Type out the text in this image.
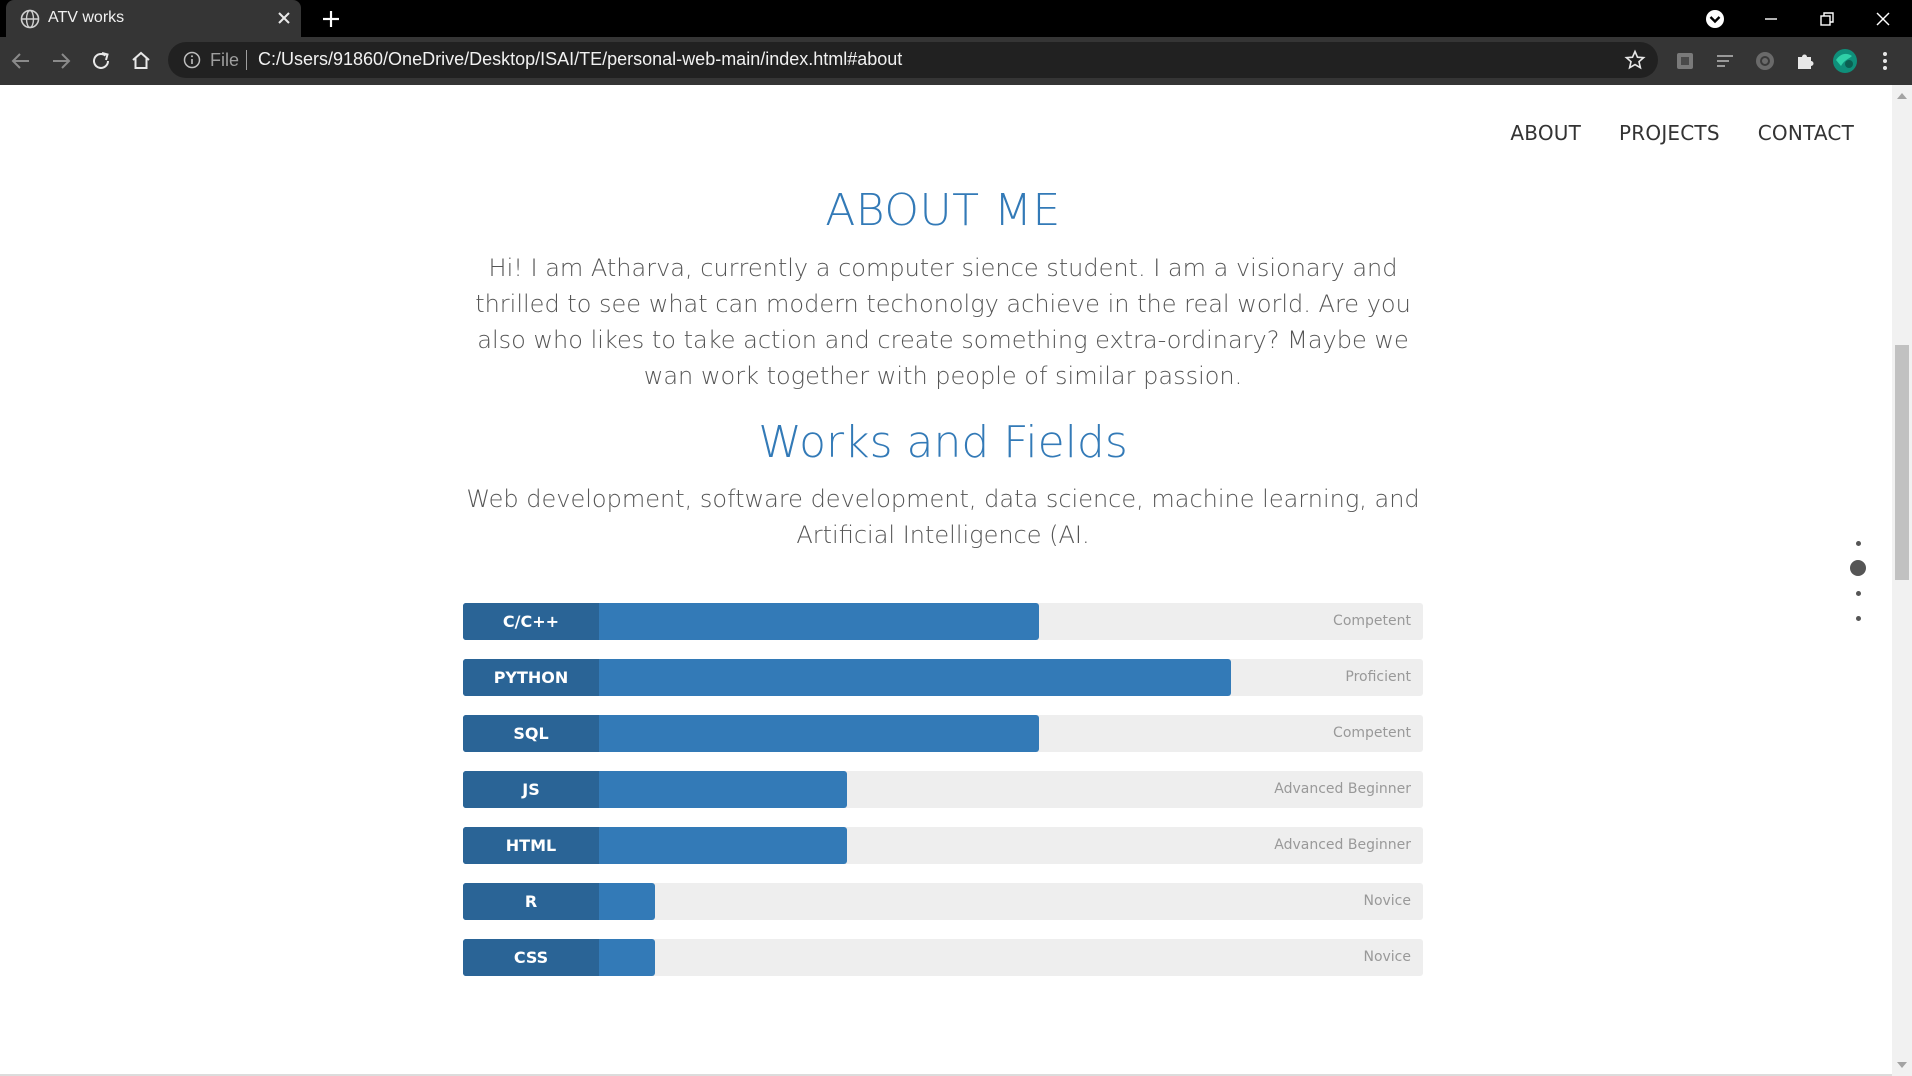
ATV works
File C:/Users/91860/OneDrive/Desktop/ISAI/TE/personal-web-main/index.html#about
ABOUT PROJECTS CONTACT
ABOUT ME

Hi! I am Atharva, currently a computer sience student. I am a visionary and thrilled to see what can modern techonolgy achieve in the real world. Are you also who likes to take action and create something extra-ordinary? Maybe we wan work together with people of similar passion.

Works and Fields

Web development, software development, data science, machine learning, and Artificial Intelligence (AI.

C/C++	Competent
PYTHON	Proficient
SQL	Competent
JS	Advanced Beginner
HTML	Advanced Beginner
R	Novice
CSS	Novice
